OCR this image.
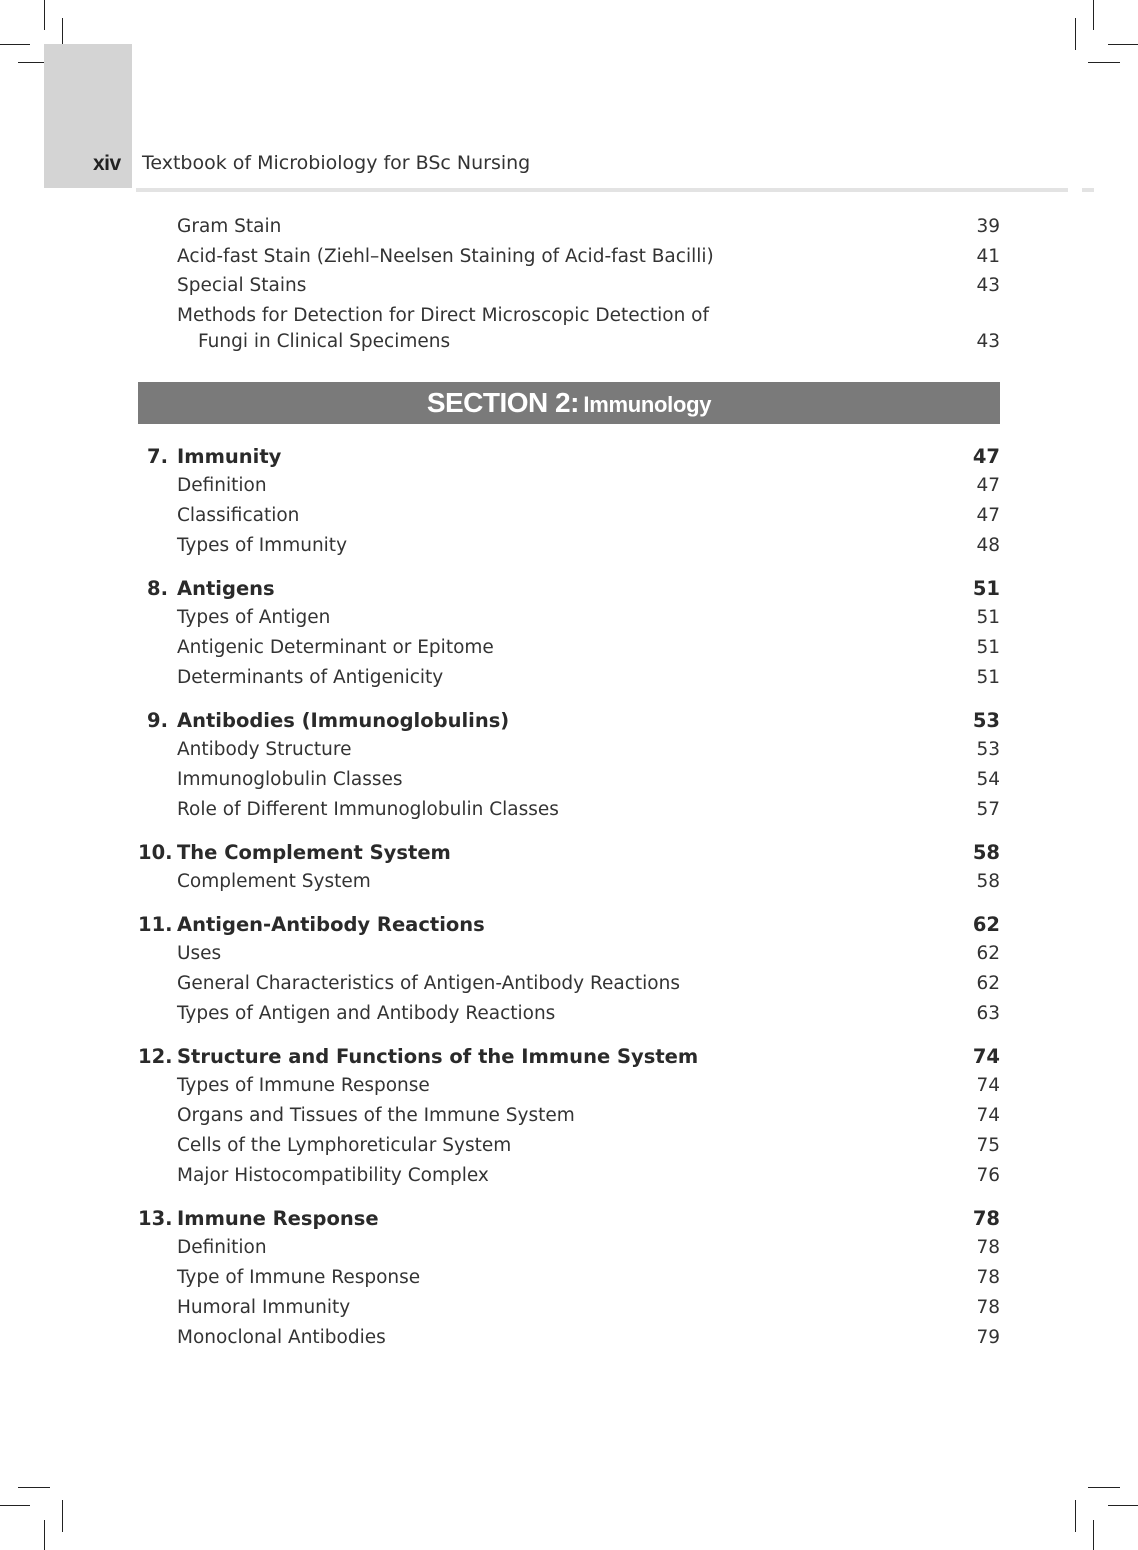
xiv Textbook of Microbiology for BSc Nursing
Gram Stain	39
Acid-fast Stain (Ziehl–Neelsen Staining of Acid-fast Bacilli)	41
Special Stains	43
Methods for Detection for Direct Microscopic Detection of
Fungi in Clinical Specimens	43
SECTION 2: Immunology
7. Immunity	47
Definition	47
Classification	47
Types of Immunity	48
8. Antigens	51
Types of Antigen	51
Antigenic Determinant or Epitome	51
Determinants of Antigenicity	51
9. Antibodies (Immunoglobulins)	53
Antibody Structure	53
Immunoglobulin Classes	54
Role of Different Immunoglobulin Classes	57
10. The Complement System	58
Complement System	58
11. Antigen-Antibody Reactions	62
Uses	62
General Characteristics of Antigen-Antibody Reactions	62
Types of Antigen and Antibody Reactions	63
12. Structure and Functions of the Immune System	74
Types of Immune Response	74
Organs and Tissues of the Immune System	74
Cells of the Lymphoreticular System	75
Major Histocompatibility Complex	76
13. Immune Response	78
Definition	78
Type of Immune Response	78
Humoral Immunity	78
Monoclonal Antibodies	79
